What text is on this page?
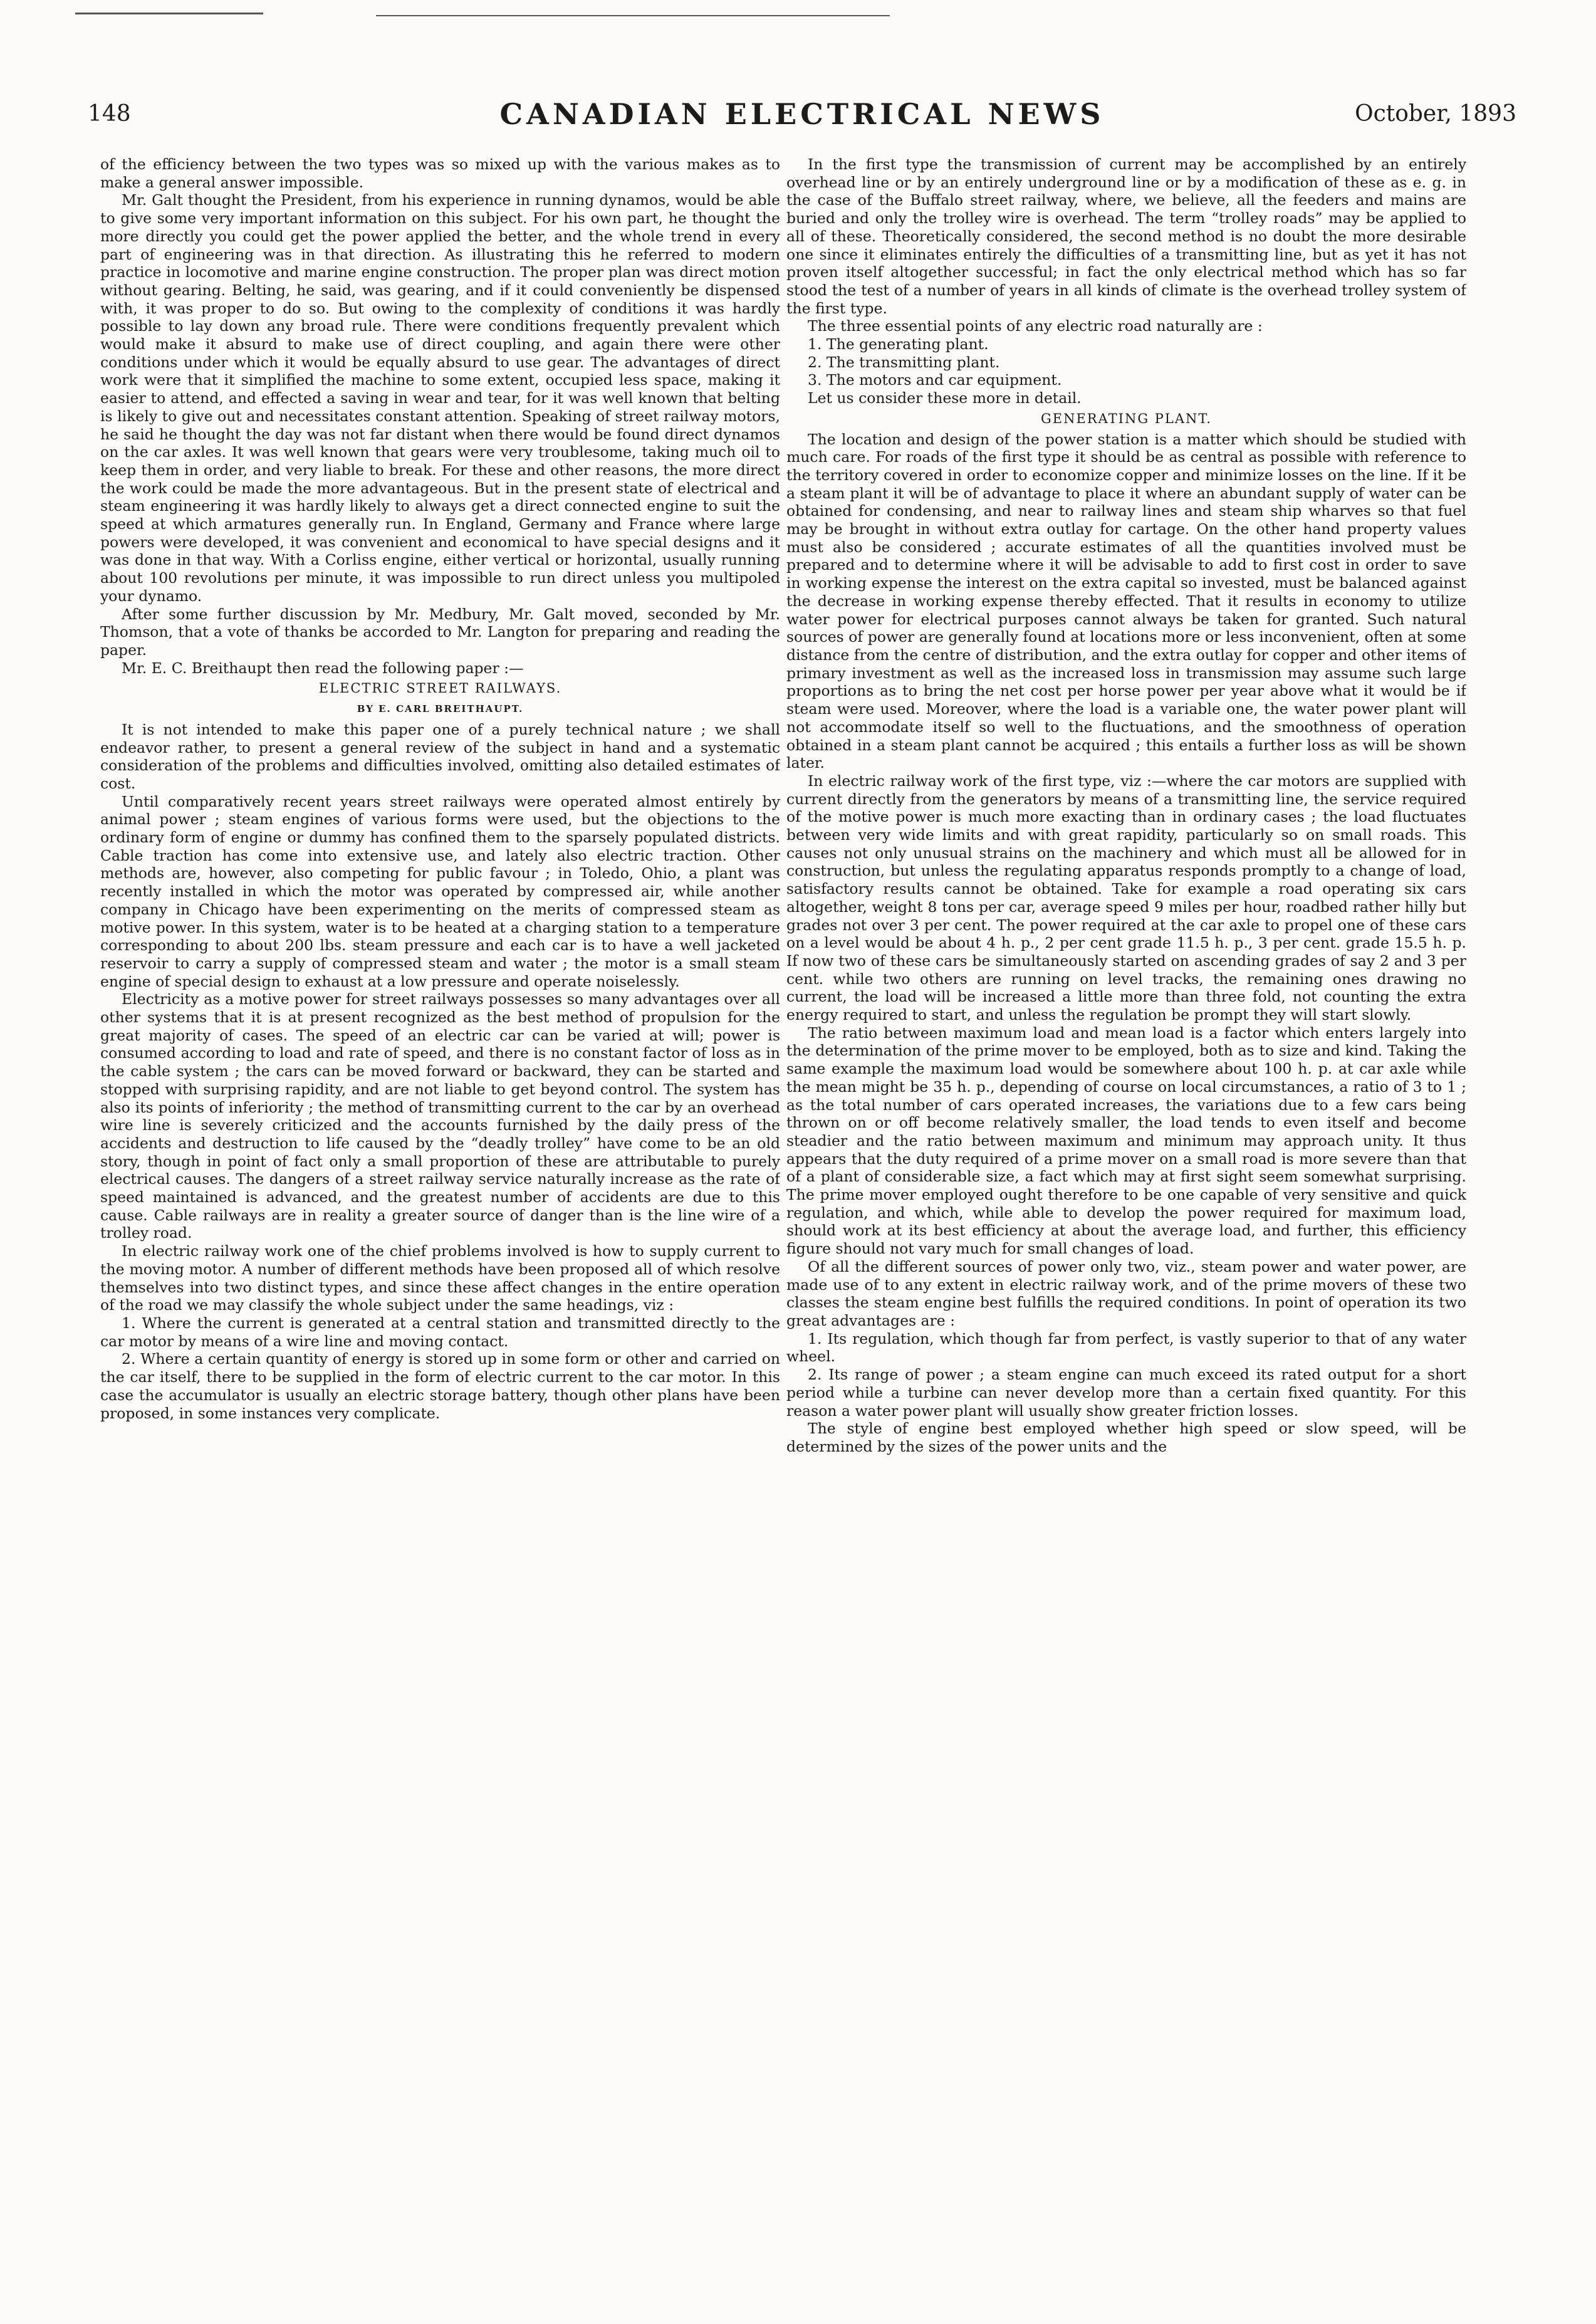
148	CANADIAN ELECTRICAL NEWS	October, 1893

of the efficiency between the two types was so mixed up with the various makes as to make a general answer impossible.

Mr. Galt thought the President, from his experience in running dynamos, would be able to give some very important information on this subject. For his own part, he thought the more directly you could get the power applied the better, and the whole trend in every part of engineering was in that direction. As illustrating this he referred to modern practice in locomotive and marine engine construction. The proper plan was direct motion without gearing. Belting, he said, was gearing, and if it could conveniently be dispensed with, it was proper to do so. But owing to the complexity of conditions it was hardly possible to lay down any broad rule. There were conditions frequently prevalent which would make it absurd to make use of direct coupling, and again there were other conditions under which it would be equally absurd to use gear. The advantages of direct work were that it simplified the machine to some extent, occupied less space, making it easier to attend, and effected a saving in wear and tear, for it was well known that belting is likely to give out and necessitates constant attention. Speaking of street railway motors, he said he thought the day was not far distant when there would be found direct dynamos on the car axles. It was well known that gears were very troublesome, taking much oil to keep them in order, and very liable to break. For these and other reasons, the more direct the work could be made the more advantageous. But in the present state of electrical and steam engineering it was hardly likely to always get a direct connected engine to suit the speed at which armatures generally run. In England, Germany and France where large powers were developed, it was convenient and economical to have special designs and it was done in that way. With a Corliss engine, either vertical or horizontal, usually running about 100 revolutions per minute, it was impossible to run direct unless you multipoled your dynamo.

After some further discussion by Mr. Medbury, Mr. Galt moved, seconded by Mr. Thomson, that a vote of thanks be accorded to Mr. Langton for preparing and reading the paper.

Mr. E. C. Breithaupt then read the following paper :—

ELECTRIC STREET RAILWAYS.

BY E. CARL BREITHAUPT.

It is not intended to make this paper one of a purely technical nature ; we shall endeavor rather, to present a general review of the subject in hand and a systematic consideration of the problems and difficulties involved, omitting also detailed estimates of cost.

Until comparatively recent years street railways were operated almost entirely by animal power ; steam engines of various forms were used, but the objections to the ordinary form of engine or dummy has confined them to the sparsely populated districts. Cable traction has come into extensive use, and lately also electric traction. Other methods are, however, also competing for public favour ; in Toledo, Ohio, a plant was recently installed in which the motor was operated by compressed air, while another company in Chicago have been experimenting on the merits of compressed steam as motive power. In this system, water is to be heated at a charging station to a temperature corresponding to about 200 lbs. steam pressure and each car is to have a well jacketed reservoir to carry a supply of compressed steam and water ; the motor is a small steam engine of special design to exhaust at a low pressure and operate noiselessly.

Electricity as a motive power for street railways possesses so many advantages over all other systems that it is at present recognized as the best method of propulsion for the great majority of cases. The speed of an electric car can be varied at will; power is consumed according to load and rate of speed, and there is no constant factor of loss as in the cable system ; the cars can be moved forward or backward, they can be started and stopped with surprising rapidity, and are not liable to get beyond control. The system has also its points of inferiority ; the method of transmitting current to the car by an overhead wire line is severely criticized and the accounts furnished by the daily press of the accidents and destruction to life caused by the “deadly trolley” have come to be an old story, though in point of fact only a small proportion of these are attributable to purely electrical causes. The dangers of a street railway service naturally increase as the rate of speed maintained is advanced, and the greatest number of accidents are due to this cause. Cable railways are in reality a greater source of danger than is the line wire of a trolley road.

In electric railway work one of the chief problems involved is how to supply current to the moving motor. A number of different methods have been proposed all of which resolve themselves into two distinct types, and since these affect changes in the entire operation of the road we may classify the whole subject under the same headings, viz :

1. Where the current is generated at a central station and transmitted directly to the car motor by means of a wire line and moving contact.

2. Where a certain quantity of energy is stored up in some form or other and carried on the car itself, there to be supplied in the form of electric current to the car motor. In this case the accumulator is usually an electric storage battery, though other plans have been proposed, in some instances very complicate.

In the first type the transmission of current may be accomplished by an entirely overhead line or by an entirely underground line or by a modification of these as e. g. in the case of the Buffalo street railway, where, we believe, all the feeders and mains are buried and only the trolley wire is overhead. The term “trolley roads” may be applied to all of these. Theoretically considered, the second method is no doubt the more desirable one since it eliminates entirely the difficulties of a transmitting line, but as yet it has not proven itself altogether successful; in fact the only electrical method which has so far stood the test of a number of years in all kinds of climate is the overhead trolley system of the first type.

The three essential points of any electric road naturally are :

1. The generating plant.

2. The transmitting plant.

3. The motors and car equipment.

Let us consider these more in detail.

GENERATING PLANT.

The location and design of the power station is a matter which should be studied with much care. For roads of the first type it should be as central as possible with reference to the territory covered in order to economize copper and minimize losses on the line. If it be a steam plant it will be of advantage to place it where an abundant supply of water can be obtained for condensing, and near to railway lines and steam ship wharves so that fuel may be brought in without extra outlay for cartage. On the other hand property values must also be considered ; accurate estimates of all the quantities involved must be prepared and to determine where it will be advisable to add to first cost in order to save in working expense the interest on the extra capital so invested, must be balanced against the decrease in working expense thereby effected. That it results in economy to utilize water power for electrical purposes cannot always be taken for granted. Such natural sources of power are generally found at locations more or less inconvenient, often at some distance from the centre of distribution, and the extra outlay for copper and other items of primary investment as well as the increased loss in transmission may assume such large proportions as to bring the net cost per horse power per year above what it would be if steam were used. Moreover, where the load is a variable one, the water power plant will not accommodate itself so well to the fluctuations, and the smoothness of operation obtained in a steam plant cannot be acquired ; this entails a further loss as will be shown later.

In electric railway work of the first type, viz :—where the car motors are supplied with current directly from the generators by means of a transmitting line, the service required of the motive power is much more exacting than in ordinary cases ; the load fluctuates between very wide limits and with great rapidity, particularly so on small roads. This causes not only unusual strains on the machinery and which must all be allowed for in construction, but unless the regulating apparatus responds promptly to a change of load, satisfactory results cannot be obtained. Take for example a road operating six cars altogether, weight 8 tons per car, average speed 9 miles per hour, roadbed rather hilly but grades not over 3 per cent. The power required at the car axle to propel one of these cars on a level would be about 4 h. p., 2 per cent grade 11.5 h. p., 3 per cent. grade 15.5 h. p. If now two of these cars be simultaneously started on ascending grades of say 2 and 3 per cent. while two others are running on level tracks, the remaining ones drawing no current, the load will be increased a little more than three fold, not counting the extra energy required to start, and unless the regulation be prompt they will start slowly.

The ratio between maximum load and mean load is a factor which enters largely into the determination of the prime mover to be employed, both as to size and kind. Taking the same example the maximum load would be somewhere about 100 h. p. at car axle while the mean might be 35 h. p., depending of course on local circumstances, a ratio of 3 to 1 ; as the total number of cars operated increases, the variations due to a few cars being thrown on or off become relatively smaller, the load tends to even itself and become steadier and the ratio between maximum and minimum may approach unity. It thus appears that the duty required of a prime mover on a small road is more severe than that of a plant of considerable size, a fact which may at first sight seem somewhat surprising. The prime mover employed ought therefore to be one capable of very sensitive and quick regulation, and which, while able to develop the power required for maximum load, should work at its best efficiency at about the average load, and further, this efficiency figure should not vary much for small changes of load.

Of all the different sources of power only two, viz., steam power and water power, are made use of to any extent in electric railway work, and of the prime movers of these two classes the steam engine best fulfills the required conditions. In point of operation its two great advantages are :

1. Its regulation, which though far from perfect, is vastly superior to that of any water wheel.

2. Its range of power ; a steam engine can much exceed its rated output for a short period while a turbine can never develop more than a certain fixed quantity. For this reason a water power plant will usually show greater friction losses.

The style of engine best employed whether high speed or slow speed, will be determined by the sizes of the power units and the
